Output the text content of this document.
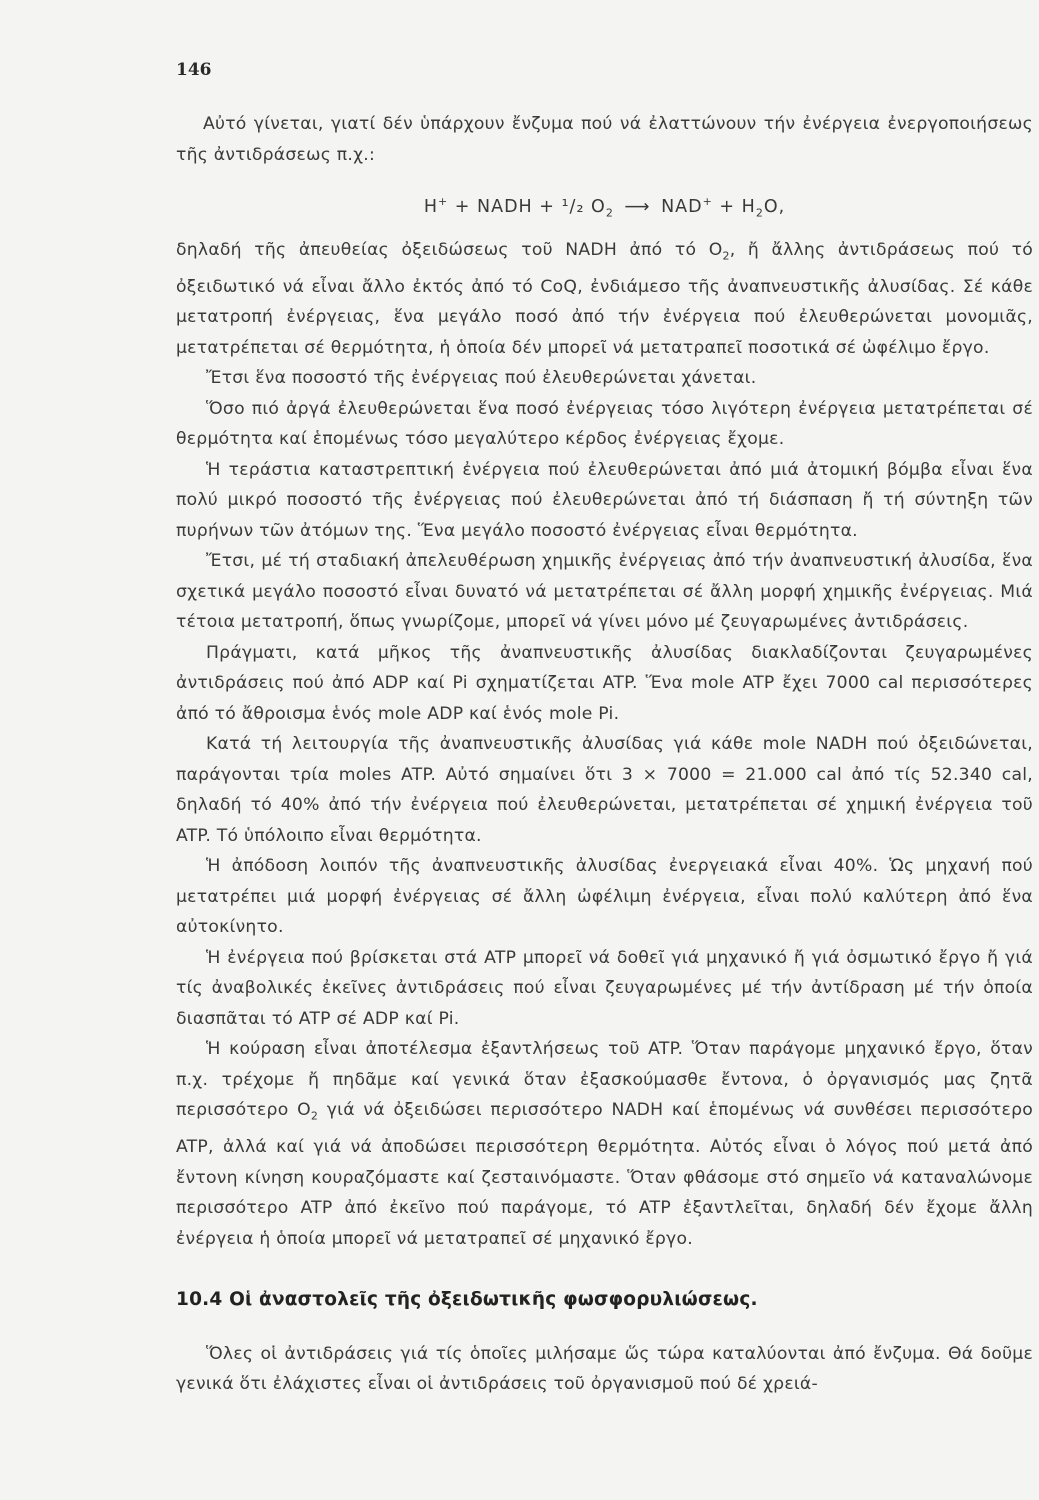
146

Αὐτό γίνεται, γιατί δέν ὑπάρχουν ἔνζυμα πού νά ἐλαττώνουν τήν ἐνέργεια ἐνεργοποιήσεως τῆς ἀντιδράσεως π.χ.:

H+ + NADH + ¹/₂ $O_2$ ⟶ $NAD^+ + H_2O$,

δηλαδή τῆς ἀπευθείας ὀξειδώσεως τοῦ NADH ἀπό τό $O_2$, ἤ ἄλλης ἀντιδράσεως πού τό ὀξειδωτικό νά εἶναι ἄλλο ἐκτός ἀπό τό CoQ, ἐνδιάμεσο τῆς ἀναπνευστικῆς ἀλυσίδας. Σέ κάθε μετατροπή ἐνέργειας, ἕνα μεγάλο ποσό ἀπό τήν ἐνέργεια πού ἐλευθερώνεται μονομιᾶς, μετατρέπεται σέ θερμότητα, ἡ ὁποία δέν μπορεῖ νά μετατραπεῖ ποσοτικά σέ ὠφέλιμο ἔργο.

Ἔτσι ἕνα ποσοστό τῆς ἐνέργειας πού ἐλευθερώνεται χάνεται.

Ὅσο πιό ἀργά ἐλευθερώνεται ἕνα ποσό ἐνέργειας τόσο λιγότερη ἐνέργεια μετατρέπεται σέ θερμότητα καί ἑπομένως τόσο μεγαλύτερο κέρδος ἐνέργειας ἔχομε.

Ἡ τεράστια καταστρεπτική ἐνέργεια πού ἐλευθερώνεται ἀπό μιά ἀτομική βόμβα εἶναι ἕνα πολύ μικρό ποσοστό τῆς ἐνέργειας πού ἐλευθερώνεται ἀπό τή διάσπαση ἤ τή σύντηξη τῶν πυρήνων τῶν ἀτόμων της. Ἕνα μεγάλο ποσοστό ἐνέργειας εἶναι θερμότητα.

Ἔτσι, μέ τή σταδιακή ἀπελευθέρωση χημικῆς ἐνέργειας ἀπό τήν ἀναπνευστική ἀλυσίδα, ἕνα σχετικά μεγάλο ποσοστό εἶναι δυνατό νά μετατρέπεται σέ ἄλλη μορφή χημικῆς ἐνέργειας. Μιά τέτοια μετατροπή, ὅπως γνωρίζομε, μπορεῖ νά γίνει μόνο μέ ζευγαρωμένες ἀντιδράσεις.

Πράγματι, κατά μῆκος τῆς ἀναπνευστικῆς ἀλυσίδας διακλαδίζονται ζευγαρωμένες ἀντιδράσεις πού ἀπό ADP καί Pi σχηματίζεται ATP. Ἕνα mole ATP ἔχει 7000 cal περισσότερες ἀπό τό ἄθροισμα ἑνός mole ADP καί ἑνός mole Pi.

Κατά τή λειτουργία τῆς ἀναπνευστικῆς ἀλυσίδας γιά κάθε mole NADH πού ὀξειδώνεται, παράγονται τρία moles ATP. Αὐτό σημαίνει ὅτι 3 × 7000 = 21.000 cal ἀπό τίς 52.340 cal, δηλαδή τό 40% ἀπό τήν ἐνέργεια πού ἐλευθερώνεται, μετατρέπεται σέ χημική ἐνέργεια τοῦ ATP. Τό ὑπόλοιπο εἶναι θερμότητα.

Ἡ ἀπόδοση λοιπόν τῆς ἀναπνευστικῆς ἀλυσίδας ἐνεργειακά εἶναι 40%. Ὡς μηχανή πού μετατρέπει μιά μορφή ἐνέργειας σέ ἄλλη ὠφέλιμη ἐνέργεια, εἶναι πολύ καλύτερη ἀπό ἕνα αὐτοκίνητο.

Ἡ ἐνέργεια πού βρίσκεται στά ATP μπορεῖ νά δοθεῖ γιά μηχανικό ἤ γιά ὀσμωτικό ἔργο ἤ γιά τίς ἀναβολικές ἐκεῖνες ἀντιδράσεις πού εἶναι ζευγαρωμένες μέ τήν ἀντίδραση μέ τήν ὁποία διασπᾶται τό ATP σέ ADP καί Pi.

Ἡ κούραση εἶναι ἀποτέλεσμα ἐξαντλήσεως τοῦ ATP. Ὅταν παράγομε μηχανικό ἔργο, ὅταν π.χ. τρέχομε ἤ πηδᾶμε καί γενικά ὅταν ἐξασκούμασθε ἔντονα, ὁ ὀργανισμός μας ζητᾶ περισσότερο $O_2$ γιά νά ὀξειδώσει περισσότερο NADH καί ἑπομένως νά συνθέσει περισσότερο ATP, ἀλλά καί γιά νά ἀποδώσει περισσότερη θερμότητα. Αὐτός εἶναι ὁ λόγος πού μετά ἀπό ἔντονη κίνηση κουραζόμαστε καί ζεσταινόμαστε. Ὅταν φθάσομε στό σημεῖο νά καταναλώνομε περισσότερο ATP ἀπό ἐκεῖνο πού παράγομε, τό ATP ἐξαντλεῖται, δηλαδή δέν ἔχομε ἄλλη ἐνέργεια ἡ ὁποία μπορεῖ νά μετατραπεῖ σέ μηχανικό ἔργο.

10.4 Οἱ ἀναστολεῖς τῆς ὀξειδωτικῆς φωσφορυλιώσεως.

Ὅλες οἱ ἀντιδράσεις γιά τίς ὁποῖες μιλήσαμε ὥς τώρα καταλύονται ἀπό ἔνζυμα. Θά δοῦμε γενικά ὅτι ἐλάχιστες εἶναι οἱ ἀντιδράσεις τοῦ ὀργανισμοῦ πού δέ χρειά-
